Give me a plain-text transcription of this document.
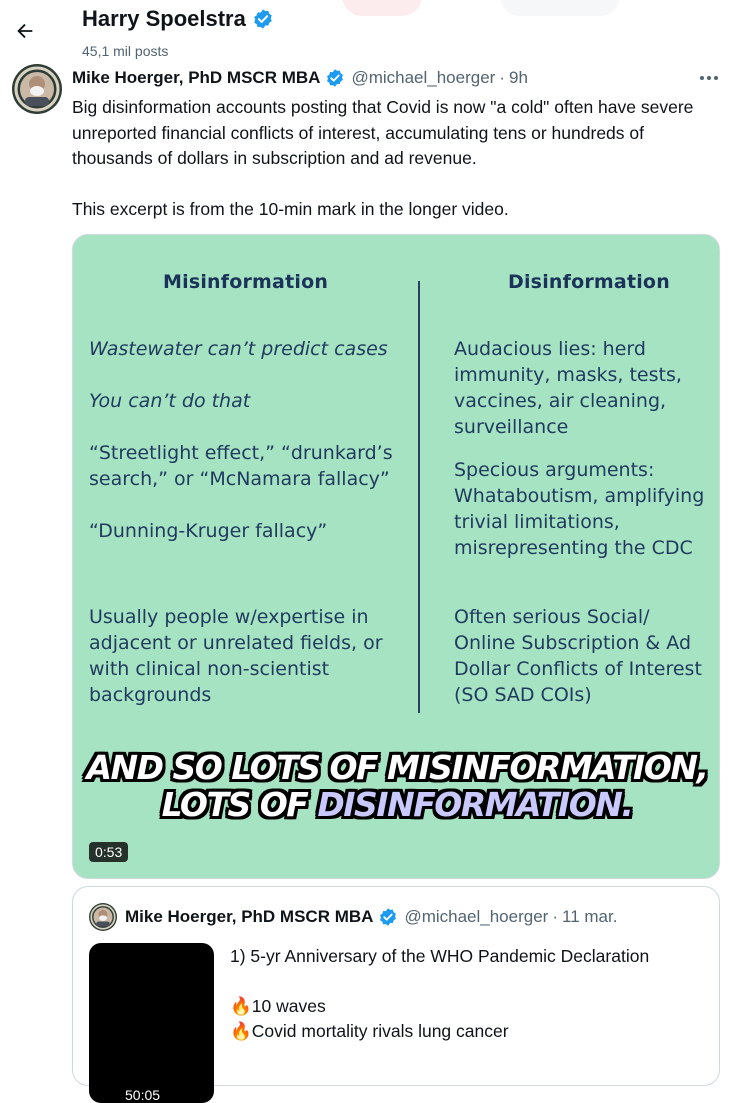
Harry Spoelstra
45,1 mil posts
Mike Hoerger, PhD MSCR MBA @michael_hoerger · 9h

Big disinformation accounts posting that Covid is now "a cold" often have severe unreported financial conflicts of interest, accumulating tens or hundreds of thousands of dollars in subscription and ad revenue.

This excerpt is from the 10-min mark in the longer video.

Misinformation	Disinformation
Wastewater can’t predict cases
You can’t do that
“Streetlight effect,” “drunkard’s search,” or “McNamara fallacy”
“Dunning-Kruger fallacy”
Usually people w/expertise in adjacent or unrelated fields, or with clinical non-scientist backgrounds
Audacious lies: herd immunity, masks, tests, vaccines, air cleaning, surveillance
Specious arguments: Whataboutism, amplifying trivial limitations, misrepresenting the CDC
Often serious Social/ Online Subscription & Ad Dollar Conflicts of Interest (SO SAD COIs)
AND SO LOTS OF MISINFORMATION,
LOTS OF DISINFORMATION.
0:53
Mike Hoerger, PhD MSCR MBA @michael_hoerger · 11 mar.
50:05

1) 5-yr Anniversary of the WHO Pandemic Declaration

🔥10 waves

🔥Covid mortality rivals lung cancer
